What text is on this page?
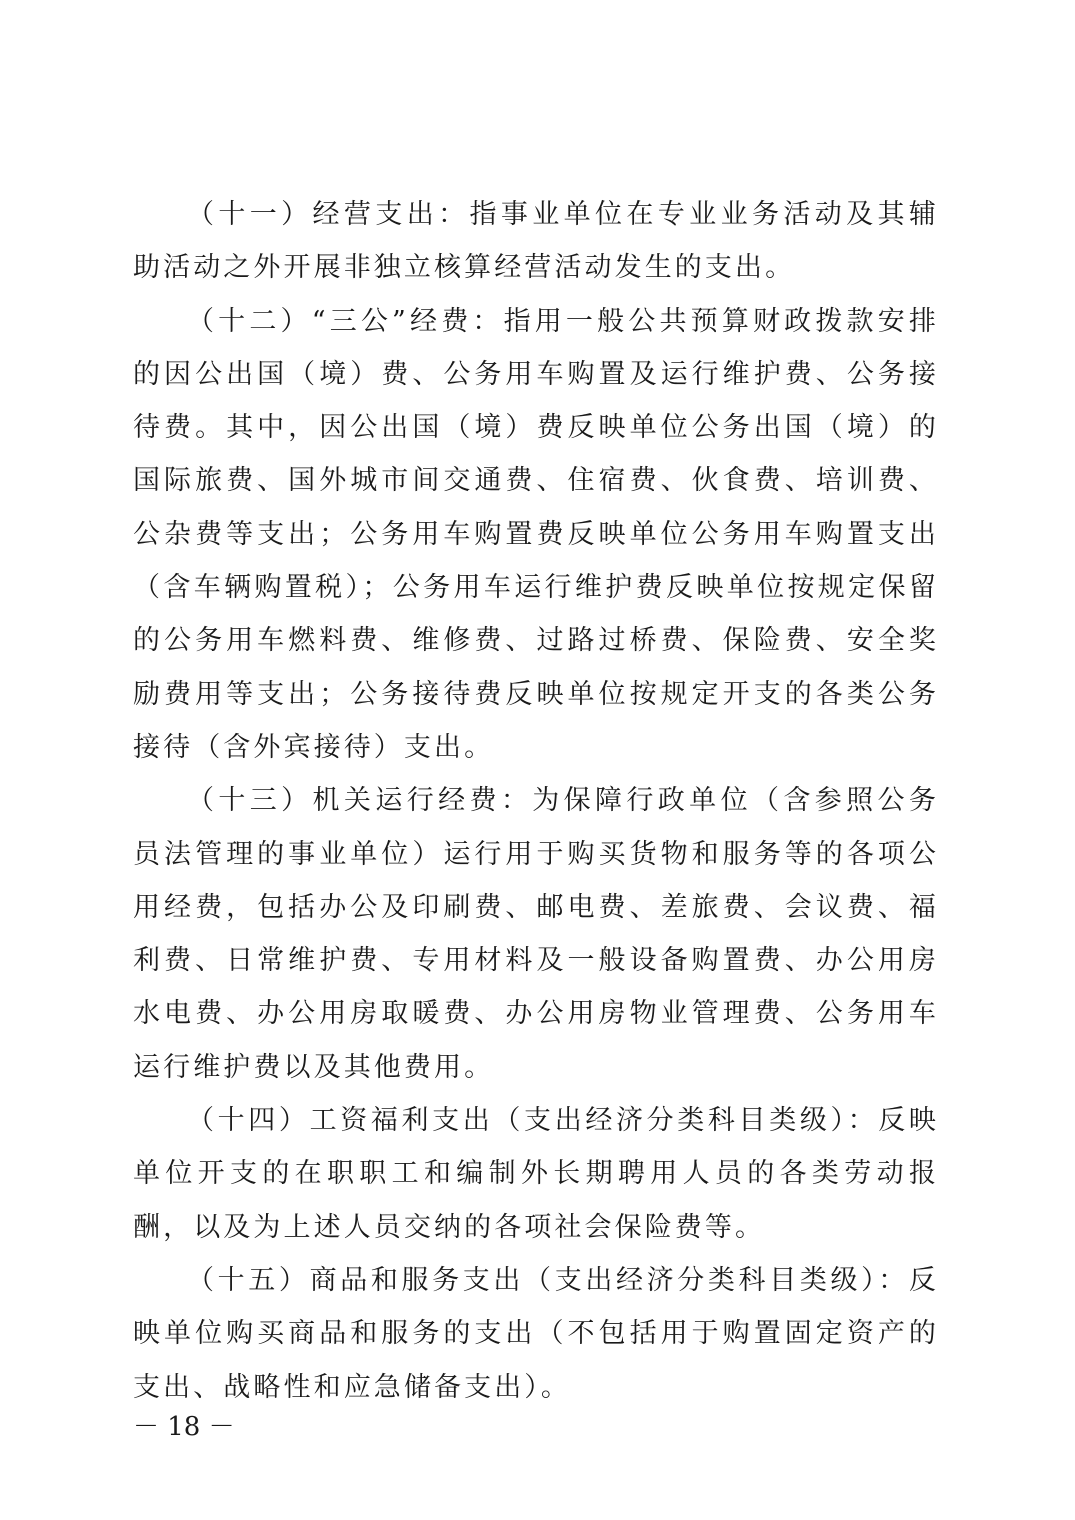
（十一）经营支出：指事业单位在专业业务活动及其辅助活动之外开展非独立核算经营活动发生的支出。

（十二）“三公”经费：指用一般公共预算财政拨款安排的因公出国（境）费、公务用车购置及运行维护费、公务接待费。其中，因公出国（境）费反映单位公务出国（境）的国际旅费、国外城市间交通费、住宿费、伙食费、培训费、公杂费等支出；公务用车购置费反映单位公务用车购置支出（含车辆购置税）；公务用车运行维护费反映单位按规定保留的公务用车燃料费、维修费、过路过桥费、保险费、安全奖励费用等支出；公务接待费反映单位按规定开支的各类公务接待（含外宾接待）支出。

（十三）机关运行经费：为保障行政单位（含参照公务员法管理的事业单位）运行用于购买货物和服务等的各项公用经费，包括办公及印刷费、邮电费、差旅费、会议费、福利费、日常维护费、专用材料及一般设备购置费、办公用房水电费、办公用房取暖费、办公用房物业管理费、公务用车运行维护费以及其他费用。

（十四）工资福利支出（支出经济分类科目类级）：反映单位开支的在职职工和编制外长期聘用人员的各类劳动报酬，以及为上述人员交纳的各项社会保险费等。

（十五）商品和服务支出（支出经济分类科目类级）：反映单位购买商品和服务的支出（不包括用于购置固定资产的支出、战略性和应急储备支出）。

－ 18 －
